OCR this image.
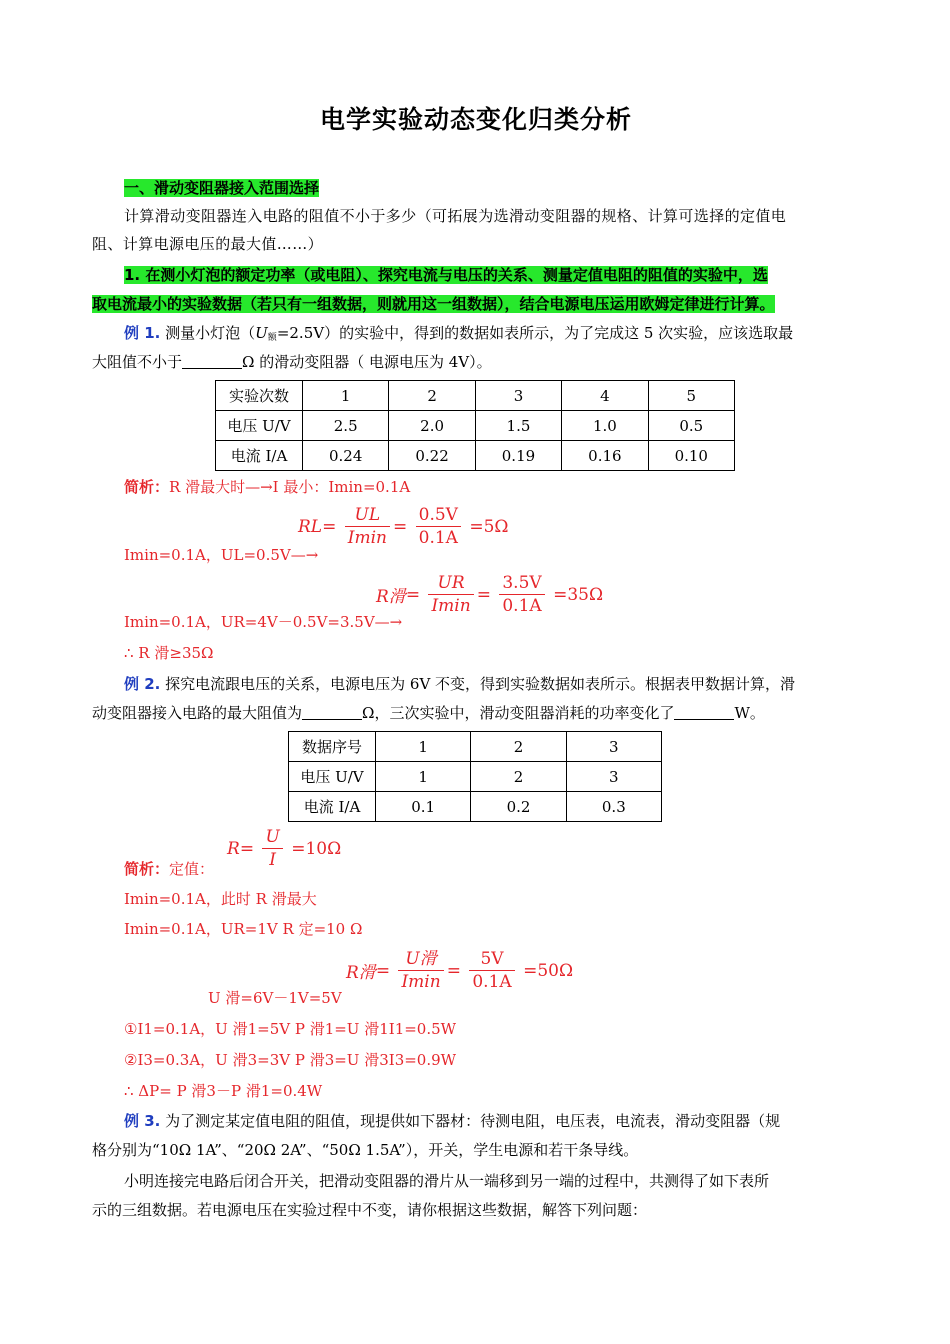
电学实验动态变化归类分析
一、滑动变阻器接入范围选择
计算滑动变阻器连入电路的阻值不小于多少（可拓展为选滑动变阻器的规格、计算可选择的定值电
阻、计算电源电压的最大值……）
1. 在测小灯泡的额定功率（或电阻）、探究电流与电压的关系、测量定值电阻的阻值的实验中，选
取电流最小的实验数据（若只有一组数据，则就用这一组数据），结合电源电压运用欧姆定律进行计算。
例 1. 测量小灯泡（U额=2.5V）的实验中，得到的数据如表所示，为了完成这 5 次实验，应该选取最
大阻值不小于	Ω 的滑动变阻器（ 电源电压为 4V）。
实验次数	1	2	3	4	5
电压 U/V	2.5	2.0	1.5	1.0	0.5
电流 I/A	0.24	0.22	0.19	0.16	0.10
简析：R 滑最大时—→I 最小：Imin=0.1A
RL=
UL
Imin
= $\frac{0.5V}{0.1A} =5\Omega$
Imin=0.1A，UL=0.5V—→
R滑=
UR
Imin
= $\frac{3.5V}{0.1A} =35\Omega$
Imin=0.1A，UR=4V－0.5V=3.5V—→
∴ R 滑≥35Ω
例 2. 探究电流跟电压的关系，电源电压为 6V 不变，得到实验数据如表所示。根据表甲数据计算，滑
动变阻器接入电路的最大阻值为	Ω，三次实验中，滑动变阻器消耗的功率变化了	W。
数据序号	1	2	3
电压 U/V	1	2	3
电流 I/A	0.1	0.2	0.3
$R= \frac{U}{I} =10\Omega$
简析：定值：
Imin=0.1A，此时 R 滑最大
Imin=0.1A，UR=1V R 定=10 Ω
R滑=
U滑
Imin
= $\frac{5V}{0.1A} =50\Omega$
U 滑=6V－1V=5V
①I1=0.1A，U 滑1=5V P 滑1=U 滑1I1=0.5W
②I3=0.3A，U 滑3=3V P 滑3=U 滑3I3=0.9W
∴ ΔP= P 滑3－P 滑1=0.4W
例 3. 为了测定某定值电阻的阻值，现提供如下器材：待测电阻，电压表，电流表，滑动变阻器（规
格分别为“10Ω 1A”、“20Ω 2A”、“50Ω 1.5A”），开关，学生电源和若干条导线。
小明连接完电路后闭合开关，把滑动变阻器的滑片从一端移到另一端的过程中，共测得了如下表所
示的三组数据。若电源电压在实验过程中不变，请你根据这些数据，解答下列问题：
